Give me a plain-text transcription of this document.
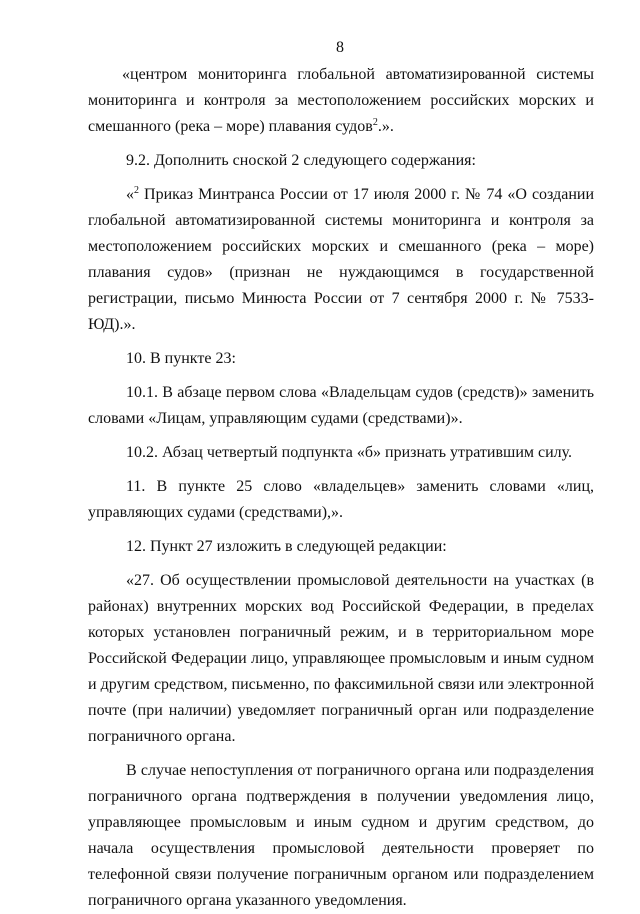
8

«центром мониторинга глобальной автоматизированной системы мониторинга и контроля за местоположением российских морских и смешанного (река – море) плавания судов$^2$.».

9.2. Дополнить сноской 2 следующего содержания:

«$^2$ Приказ Минтранса России от 17 июля 2000 г. № 74 «О создании глобальной автоматизированной системы мониторинга и контроля за местоположением российских морских и смешанного (река – море) плавания судов» (признан не нуждающимся в государственной регистрации, письмо Минюста России от 7 сентября 2000 г. № 7533-ЮД).».

10. В пункте 23:

10.1. В абзаце первом слова «Владельцам судов (средств)» заменить словами «Лицам, управляющим судами (средствами)».

10.2. Абзац четвертый подпункта «б» признать утратившим силу.

11. В пункте 25 слово «владельцев» заменить словами «лиц, управляющих судами (средствами),».

12. Пункт 27 изложить в следующей редакции:

«27. Об осуществлении промысловой деятельности на участках (в районах) внутренних морских вод Российской Федерации, в пределах которых установлен пограничный режим, и в территориальном море Российской Федерации лицо, управляющее промысловым и иным судном и другим средством, письменно, по факсимильной связи или электронной почте (при наличии) уведомляет пограничный орган или подразделение пограничного органа.

В случае непоступления от пограничного органа или подразделения пограничного органа подтверждения в получении уведомления лицо, управляющее промысловым и иным судном и другим средством, до начала осуществления промысловой деятельности проверяет по телефонной связи получение пограничным органом или подразделением пограничного органа указанного уведомления.
